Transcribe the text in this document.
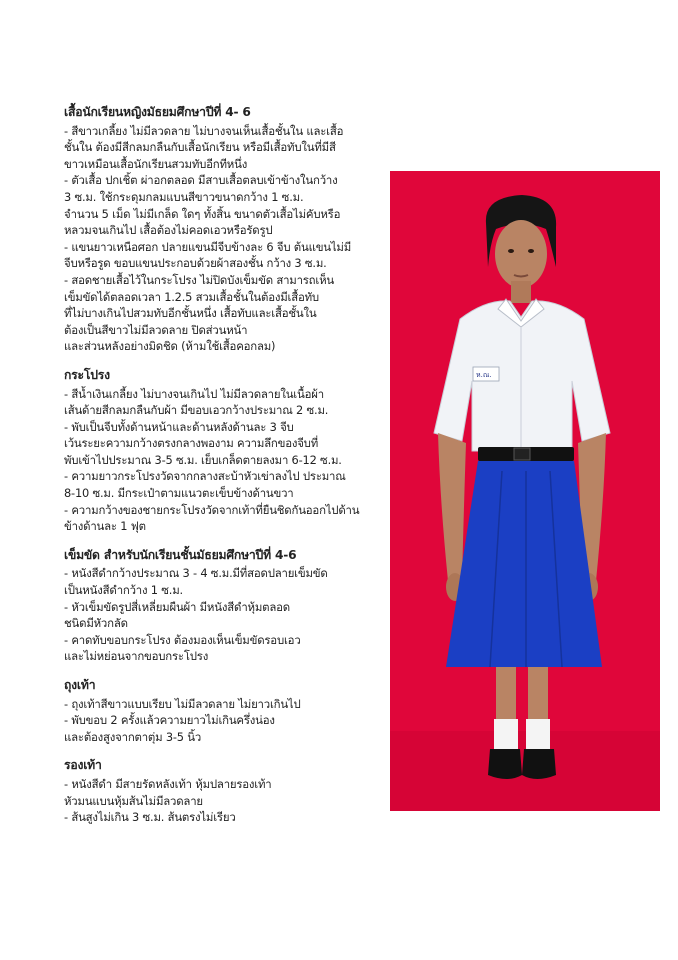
เสื้อนักเรียนหญิงมัธยมศึกษาปีที่ 4- 6
- สีขาวเกลี้ยง ไม่มีลวดลาย ไม่บางจนเห็นเสื้อชั้นใน และเสื้อ
ชั้นใน ต้องมีสีกลมกลืนกับเสื้อนักเรียน หรือมีเสื้อทับในที่มีสี
ขาวเหมือนเสื้อนักเรียนสวมทับอีกทีหนึ่ง
- ตัวเสื้อ ปกเชิ้ต ผ่าอกตลอด มีสาบเสื้อตลบเข้าข้างในกว้าง
3 ซ.ม. ใช้กระดุมกลมแบนสีขาวขนาดกว้าง 1 ซ.ม.
จำนวน 5 เม็ด ไม่มีเกล็ด ใดๆ ทั้งสิ้น ขนาดตัวเสื้อไม่คับหรือ
หลวมจนเกินไป เสื้อต้องไม่คอดเอวหรือรัดรูป
- แขนยาวเหนือศอก ปลายแขนมีจีบข้างละ 6 จีบ ต้นแขนไม่มี
จีบหรือรูด ขอบแขนประกอบด้วยผ้าสองชั้น กว้าง 3 ซ.ม.
- สอดชายเสื้อไว้ในกระโปรง ไม่ปิดบังเข็มขัด สามารถเห็น
เข็มขัดได้ตลอดเวลา 1.2.5 สวมเสื้อชั้นในต้องมีเสื้อทับ
ที่ไม่บางเกินไปสวมทับอีกชั้นหนึ่ง เสื้อทับและเสื้อชั้นใน
ต้องเป็นสีขาวไม่มีลวดลาย ปิดส่วนหน้า
และส่วนหลังอย่างมิดชิด (ห้ามใช้เสื้อคอกลม)
กระโปรง
- สีน้ำเงินเกลี้ยง ไม่บางจนเกินไป ไม่มีลวดลายในเนื้อผ้า
เส้นด้ายสีกลมกลืนกับผ้า มีขอบเอวกว้างประมาณ 2 ซ.ม.
- พับเป็นจีบทั้งด้านหน้าและด้านหลังด้านละ 3 จีบ
เว้นระยะความกว้างตรงกลางพองาม ความลึกของจีบที่
พับเข้าไปประมาณ 3-5 ซ.ม. เย็บเกล็ดตายลงมา 6-12 ซ.ม.
- ความยาวกระโปรงวัดจากกลางสะบ้าหัวเข่าลงไป ประมาณ
8-10 ซ.ม. มีกระเป๋าตามแนวตะเข็บข้างด้านขวา
- ความกว้างของชายกระโปรงวัดจากเท้าที่ยืนชิดกันออกไปด้าน
ข้างด้านละ 1 ฟุต
เข็มขัด สำหรับนักเรียนชั้นมัธยมศึกษาปีที่ 4-6
- หนังสีดำกว้างประมาณ 3 - 4 ซ.ม.มีที่สอดปลายเข็มขัด
เป็นหนังสีดำกว้าง 1 ซ.ม.
- หัวเข็มขัดรูปสี่เหลี่ยมผืนผ้า มีหนังสีดำหุ้มตลอด
ชนิดมีหัวกลัด
- คาดทับขอบกระโปรง ต้องมองเห็นเข็มขัดรอบเอว
และไม่หย่อนจากขอบกระโปรง
ถุงเท้า
- ถุงเท้าสีขาวแบบเรียบ ไม่มีลวดลาย ไม่ยาวเกินไป
- พับขอบ 2 ครั้งแล้วความยาวไม่เกินครึ่งน่อง
และต้องสูงจากตาตุ่ม 3-5 นิ้ว
รองเท้า
- หนังสีดำ มีสายรัดหลังเท้า หุ้มปลายรองเท้า
หัวมนแบนหุ้มส้นไม่มีลวดลาย
- ส้นสูงไม่เกิน 3 ซ.ม. ส้นตรงไม่เรียว
ห.ณ.
